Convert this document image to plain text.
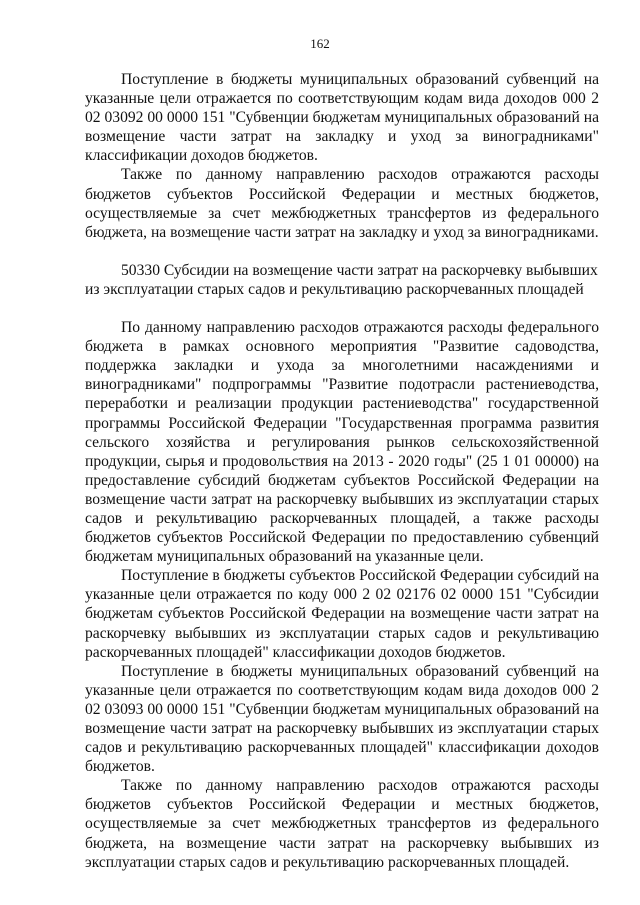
162

Поступление в бюджеты муниципальных образований субвенций на указанные цели отражается по соответствующим кодам вида доходов 000 2 02 03092 00 0000 151 "Субвенции бюджетам муниципальных образований на возмещение части затрат на закладку и уход за виноградниками" классификации доходов бюджетов.

Также по данному направлению расходов отражаются расходы бюджетов субъектов Российской Федерации и местных бюджетов, осуществляемые за счет межбюджетных трансфертов из федерального бюджета, на возмещение части затрат на закладку и уход за виноградниками.

50330 Субсидии на возмещение части затрат на раскорчевку выбывших из эксплуатации старых садов и рекультивацию раскорчеванных площадей

По данному направлению расходов отражаются расходы федерального бюджета в рамках основного мероприятия "Развитие садоводства, поддержка закладки и ухода за многолетними насаждениями и виноградниками" подпрограммы "Развитие подотрасли растениеводства, переработки и реализации продукции растениеводства" государственной программы Российской Федерации "Государственная программа развития сельского хозяйства и регулирования рынков сельскохозяйственной продукции, сырья и продовольствия на 2013 - 2020 годы" (25 1 01 00000) на предоставление субсидий бюджетам субъектов Российской Федерации на возмещение части затрат на раскорчевку выбывших из эксплуатации старых садов и рекультивацию раскорчеванных площадей, а также расходы бюджетов субъектов Российской Федерации по предоставлению субвенций бюджетам муниципальных образований на указанные цели.

Поступление в бюджеты субъектов Российской Федерации субсидий на указанные цели отражается по коду 000 2 02 02176 02 0000 151 "Субсидии бюджетам субъектов Российской Федерации на возмещение части затрат на раскорчевку выбывших из эксплуатации старых садов и рекультивацию раскорчеванных площадей" классификации доходов бюджетов.

Поступление в бюджеты муниципальных образований субвенций на указанные цели отражается по соответствующим кодам вида доходов 000 2 02 03093 00 0000 151 "Субвенции бюджетам муниципальных образований на возмещение части затрат на раскорчевку выбывших из эксплуатации старых садов и рекультивацию раскорчеванных площадей" классификации доходов бюджетов.

Также по данному направлению расходов отражаются расходы бюджетов субъектов Российской Федерации и местных бюджетов, осуществляемые за счет межбюджетных трансфертов из федерального бюджета, на возмещение части затрат на раскорчевку выбывших из эксплуатации старых садов и рекультивацию раскорчеванных площадей.
